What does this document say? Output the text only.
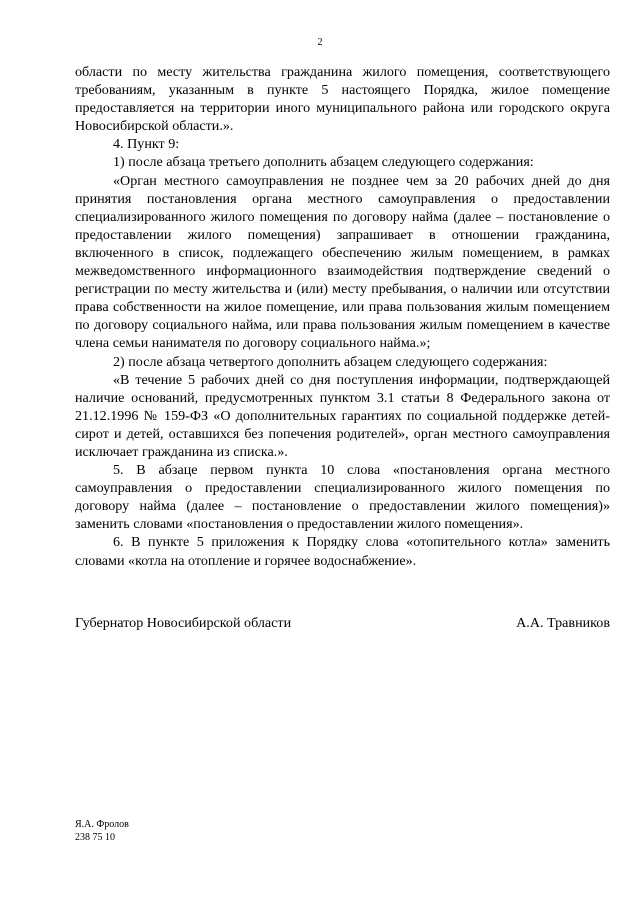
2

области по месту жительства гражданина жилого помещения, соответствующего требованиям, указанным в пункте 5 настоящего Порядка, жилое помещение предоставляется на территории иного муниципального района или городского округа Новосибирской области.».

4. Пункт 9:

1) после абзаца третьего дополнить абзацем следующего содержания:

«Орган местного самоуправления не позднее чем за 20 рабочих дней до дня принятия постановления органа местного самоуправления о предоставлении специализированного жилого помещения по договору найма (далее – постановление о предоставлении жилого помещения) запрашивает в отношении гражданина, включенного в список, подлежащего обеспечению жилым помещением, в рамках межведомственного информационного взаимодействия подтверждение сведений о регистрации по месту жительства и (или) месту пребывания, о наличии или отсутствии права собственности на жилое помещение, или права пользования жилым помещением по договору социального найма, или права пользования жилым помещением в качестве члена семьи нанимателя по договору социального найма.»;

2) после абзаца четвертого дополнить абзацем следующего содержания:

«В течение 5 рабочих дней со дня поступления информации, подтверждающей наличие оснований, предусмотренных пунктом 3.1 статьи 8 Федерального закона от 21.12.1996 № 159-ФЗ «О дополнительных гарантиях по социальной поддержке детей-сирот и детей, оставшихся без попечения родителей», орган местного самоуправления исключает гражданина из списка.».

5. В абзаце первом пункта 10 слова «постановления органа местного самоуправления о предоставлении специализированного жилого помещения по договору найма (далее – постановление о предоставлении жилого помещения)» заменить словами «постановления о предоставлении жилого помещения».

6. В пункте 5 приложения к Порядку слова «отопительного котла» заменить словами «котла на отопление и горячее водоснабжение».

Губернатор Новосибирской области	А.А. Травников
Я.А. Фролов
238 75 10
